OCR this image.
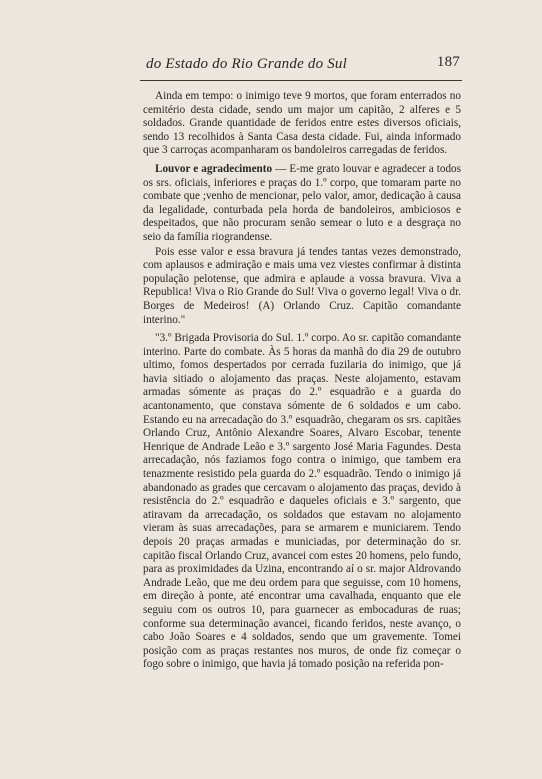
do Estado do Rio Grande do Sul	187

Ainda em tempo: o inimigo teve 9 mortos, que foram enterrados no cemitério desta cidade, sendo um major um capitão, 2 alferes e 5 soldados. Grande quantidade de feridos entre estes diversos oficiais, sendo 13 recolhidos à Santa Casa desta cidade. Fui, ainda informado que 3 carroças acompanharam os bandoleiros carregadas de feridos.

Louvor e agradecimento — E-me grato louvar e agradecer a todos os srs. oficiais, inferiores e praças do 1.º corpo, que tomaram parte no combate que ;venho de mencionar, pelo valor, amor, dedicação à causa da legalidade, conturbada pela horda de bandoleiros, ambiciosos e despeitados, que não procuram senão semear o luto e a desgraça no seio da família riograndense.

Pois esse valor e essa bravura já tendes tantas vezes demonstrado, com aplausos e admiração e mais uma vez viestes confirmar à distinta população pelotense, que admira e aplaude a vossa bravura. Viva a Republica! Viva o Rio Grande do Sul! Viva o governo legal! Viva o dr. Borges de Medeiros! (A) Orlando Cruz. Capitão comandante interino."

"3.º Brigada Provisoria do Sul. 1.º corpo. Ao sr. capitão comandante interino. Parte do combate. Às 5 horas da manhã do dia 29 de outubro ultimo, fomos despertados por cerrada fuzilaria do inimigo, que já havia sitiado o alojamento das praças. Neste alojamento, estavam armadas sómente as praças do 2.º esquadrão e a guarda do acantonamento, que constava sómente de 6 soldados e um cabo. Estando eu na arrecadação do 3.º esquadrão, chegaram os srs. capitães Orlando Cruz, Antônio Alexandre Soares, Alvaro Escobar, tenente Henrique de Andrade Leão e 3.º sargento José Maria Fagundes. Desta arrecadação, nós faziamos fogo contra o inimigo, que tambem era tenazmente resistido pela guarda do 2.º esquadrão. Tendo o inimigo já abandonado as grades que cercavam o alojamento das praças, devido à resistência do 2.º esquadrão e daqueles oficiais e 3.º sargento, que atiravam da arrecadação, os soldados que estavam no alojamento vieram às suas arrecadações, para se armarem e municiarem. Tendo depois 20 praças armadas e municiadas, por determinação do sr. capitão fiscal Orlando Cruz, avancei com estes 20 homens, pelo fundo, para as proximidades da Uzina, encontrando aí o sr. major Aldrovando Andrade Leão, que me deu ordem para que seguisse, com 10 homens, em direção à ponte, até encontrar uma cavalhada, enquanto que ele seguiu com os outros 10, para guarnecer as embocaduras de ruas; conforme sua determinação avancei, ficando feridos, neste avanço, o cabo João Soares e 4 soldados, sendo que um gravemente. Tomei posição com as praças restantes nos muros, de onde fiz começar o fogo sobre o inimigo, que havia já tomado posição na referida pon-
